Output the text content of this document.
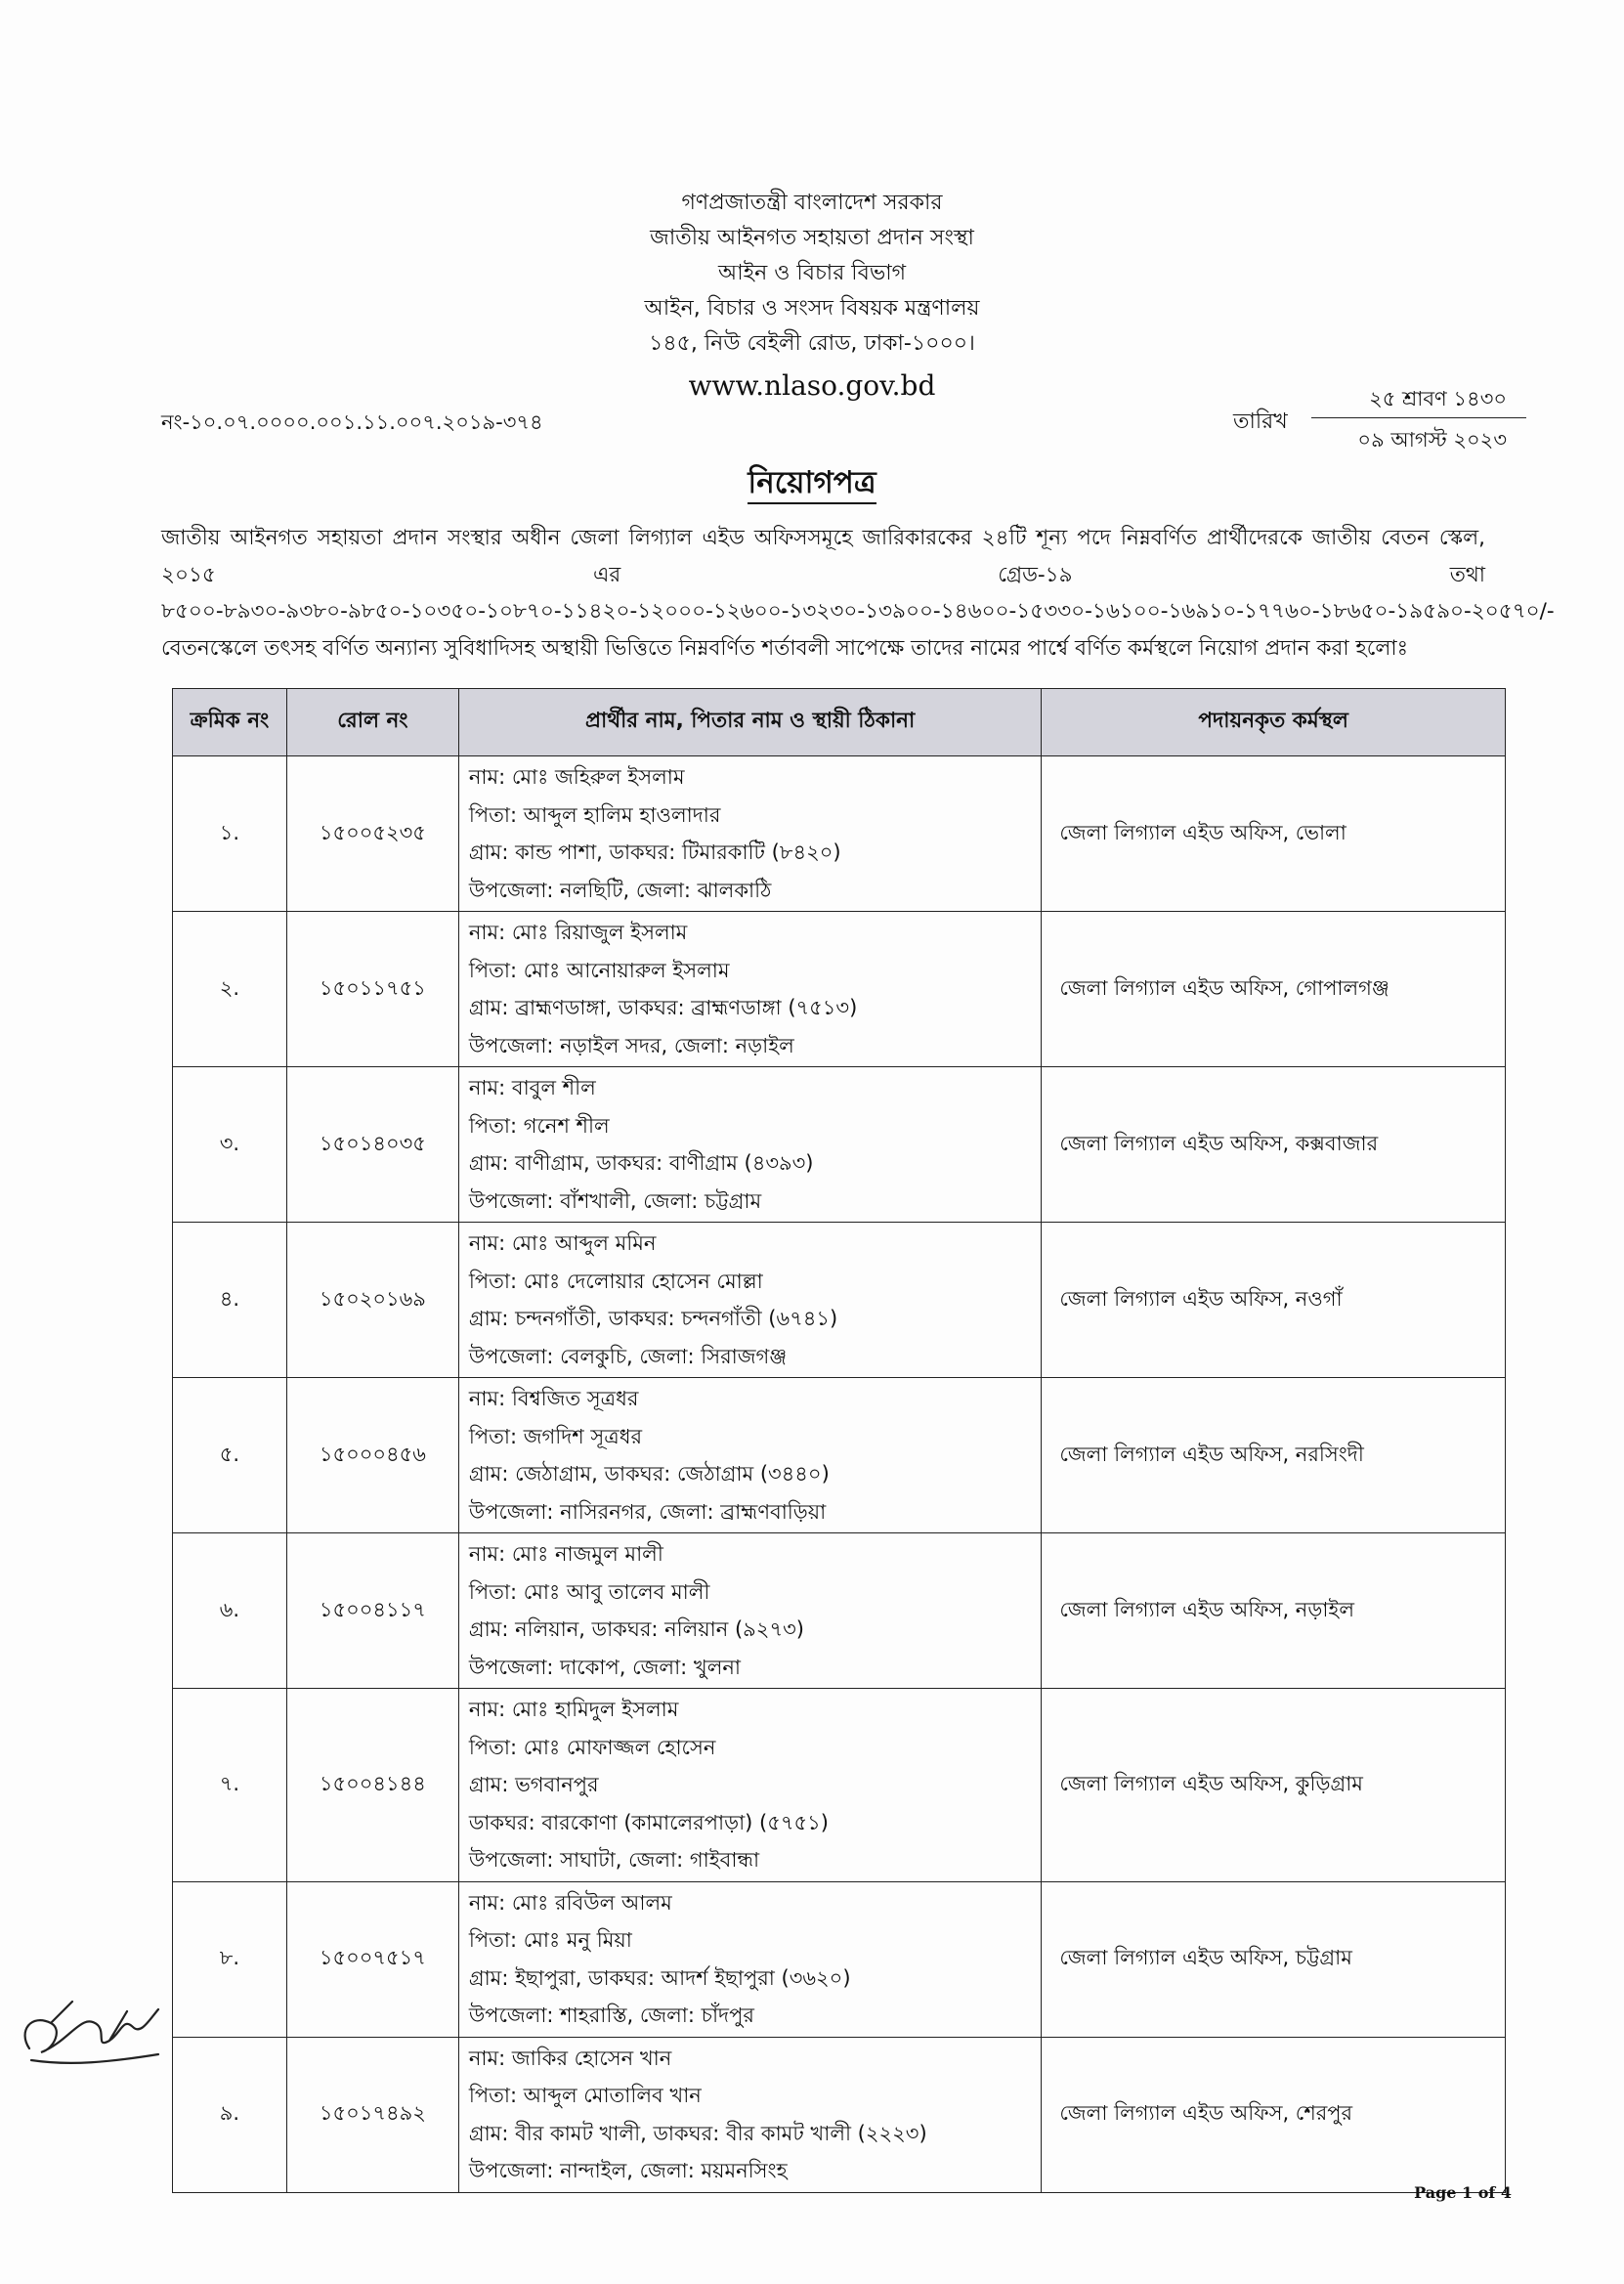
গণপ্রজাতন্ত্রী বাংলাদেশ সরকার
জাতীয় আইনগত সহায়তা প্রদান সংস্থা
আইন ও বিচার বিভাগ
আইন, বিচার ও সংসদ বিষয়ক মন্ত্রণালয়
১৪৫, নিউ বেইলী রোড, ঢাকা-১০০০।
www.nlaso.gov.bd
নং-১০.০৭.০০০০.০০১.১১.০০৭.২০১৯-৩৭৪	তারিখ
২৫ শ্রাবণ ১৪৩০
০৯ আগস্ট ২০২৩
নিয়োগপত্র
জাতীয় আইনগত সহায়তা প্রদান সংস্থার অধীন জেলা লিগ্যাল এইড অফিসসমূহে জারিকারকের ২৪টি শূন্য পদে নিম্নবর্ণিত প্রার্থীদেরকে জাতীয় বেতন স্কেল, ২০১৫ এর গ্রেড-১৯ তথা ৮৫০০-৮৯৩০-৯৩৮০-৯৮৫০-১০৩৫০-১০৮৭০-১১৪২০-১২০০০-১২৬০০-১৩২৩০-১৩৯০০-১৪৬০০-১৫৩৩০-১৬১০০-১৬৯১০-১৭৭৬০-১৮৬৫০-১৯৫৯০-২০৫৭০/- বেতনস্কেলে তৎসহ বর্ণিত অন্যান্য সুবিধাদিসহ অস্থায়ী ভিত্তিতে নিম্নবর্ণিত শর্তাবলী সাপেক্ষে তাদের নামের পার্শ্বে বর্ণিত কর্মস্থলে নিয়োগ প্রদান করা হলোঃ
ক্রমিক নং	রোল নং	প্রার্থীর নাম, পিতার নাম ও স্থায়ী ঠিকানা	পদায়নকৃত কর্মস্থল
১.	১৫০০৫২৩৫	নাম: মোঃ জহিরুল ইসলাম
পিতা: আব্দুল হালিম হাওলাদার
গ্রাম: কান্ড পাশা, ডাকঘর: টিমারকাটি (৮৪২০)
উপজেলা: নলছিটি, জেলা: ঝালকাঠি	জেলা লিগ্যাল এইড অফিস, ভোলা
২.	১৫০১১৭৫১	নাম: মোঃ রিয়াজুল ইসলাম
পিতা: মোঃ আনোয়ারুল ইসলাম
গ্রাম: ব্রাহ্মণডাঙ্গা, ডাকঘর: ব্রাহ্মণডাঙ্গা (৭৫১৩)
উপজেলা: নড়াইল সদর, জেলা: নড়াইল	জেলা লিগ্যাল এইড অফিস, গোপালগঞ্জ
৩.	১৫০১৪০৩৫	নাম: বাবুল শীল
পিতা: গনেশ শীল
গ্রাম: বাণীগ্রাম, ডাকঘর: বাণীগ্রাম (৪৩৯৩)
উপজেলা: বাঁশখালী, জেলা: চট্টগ্রাম	জেলা লিগ্যাল এইড অফিস, কক্সবাজার
৪.	১৫০২০১৬৯	নাম: মোঃ আব্দুল মমিন
পিতা: মোঃ দেলোয়ার হোসেন মোল্লা
গ্রাম: চন্দনগাঁতী, ডাকঘর: চন্দনগাঁতী (৬৭৪১)
উপজেলা: বেলকুচি, জেলা: সিরাজগঞ্জ	জেলা লিগ্যাল এইড অফিস, নওগাঁ
৫.	১৫০০০৪৫৬	নাম: বিশ্বজিত সূত্রধর
পিতা: জগদিশ সূত্রধর
গ্রাম: জেঠাগ্রাম, ডাকঘর: জেঠাগ্রাম (৩৪৪০)
উপজেলা: নাসিরনগর, জেলা: ব্রাহ্মণবাড়িয়া	জেলা লিগ্যাল এইড অফিস, নরসিংদী
৬.	১৫০০৪১১৭	নাম: মোঃ নাজমুল মালী
পিতা: মোঃ আবু তালেব মালী
গ্রাম: নলিয়ান, ডাকঘর: নলিয়ান (৯২৭৩)
উপজেলা: দাকোপ, জেলা: খুলনা	জেলা লিগ্যাল এইড অফিস, নড়াইল
৭.	১৫০০৪১৪৪	নাম: মোঃ হামিদুল ইসলাম
পিতা: মোঃ মোফাজ্জল হোসেন
গ্রাম: ভগবানপুর
ডাকঘর: বারকোণা (কামালেরপাড়া) (৫৭৫১)
উপজেলা: সাঘাটা, জেলা: গাইবান্ধা	জেলা লিগ্যাল এইড অফিস, কুড়িগ্রাম
৮.	১৫০০৭৫১৭	নাম: মোঃ রবিউল আলম
পিতা: মোঃ মনু মিয়া
গ্রাম: ইছাপুরা, ডাকঘর: আদর্শ ইছাপুরা (৩৬২০)
উপজেলা: শাহরাস্তি, জেলা: চাঁদপুর	জেলা লিগ্যাল এইড অফিস, চট্টগ্রাম
৯.	১৫০১৭৪৯২	নাম: জাকির হোসেন খান
পিতা: আব্দুল মোতালিব খান
গ্রাম: বীর কামট খালী, ডাকঘর: বীর কামট খালী (২২২৩)
উপজেলা: নান্দাইল, জেলা: ময়মনসিংহ	জেলা লিগ্যাল এইড অফিস, শেরপুর
Page 1 of 4
